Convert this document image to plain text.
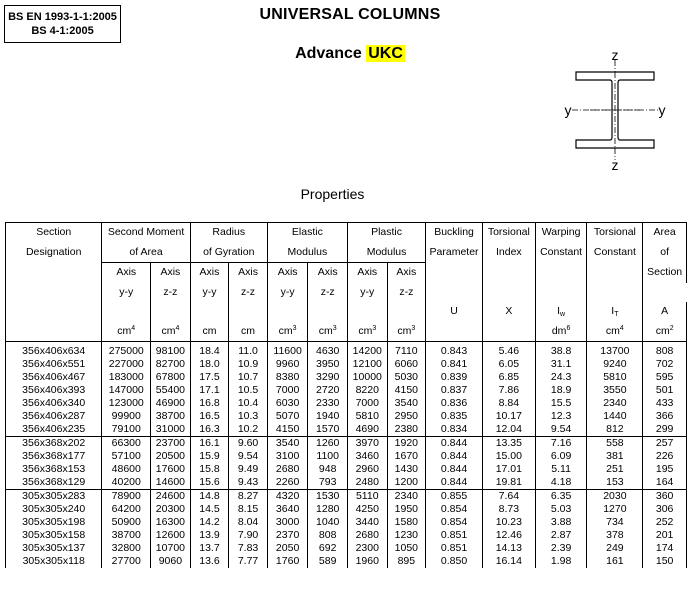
BS EN 1993-1-1:2005
BS 4-1:2005
UNIVERSAL COLUMNS
Advance UKC	z
z
y	y
Properties
Section	Second Moment		Radius		Elastic		Plastic		Buckling	Torsional	Warping	Torsional	Area
Designation	of Area		of Gyration		Modulus		Modulus		Parameter	Index	Constant	Constant	of
	Axis	Axis	Axis	Axis	Axis	Axis	Axis	Axis					Section
	y-y	z-z	y-y	z-z	y-y	z-z	y-y	z-z				
									U	X	$I_w$	$I_T$	A
	$cm^4$	$cm^4$	cm	cm	$cm^3$	$cm^3$	$cm^3$	$cm^3$			$dm^6$	$cm^4$	$cm^2$
356x406x634	275000	98100	18.4	11.0	11600	4630	14200	7110	0.843	5.46	38.8	13700	808
356x406x551	227000	82700	18.0	10.9	9960	3950	12100	6060	0.841	6.05	31.1	9240	702
356x406x467	183000	67800	17.5	10.7	8380	3290	10000	5030	0.839	6.85	24.3	5810	595
356x406x393	147000	55400	17.1	10.5	7000	2720	8220	4150	0.837	7.86	18.9	3550	501
356x406x340	123000	46900	16.8	10.4	6030	2330	7000	3540	0.836	8.84	15.5	2340	433
356x406x287	99900	38700	16.5	10.3	5070	1940	5810	2950	0.835	10.17	12.3	1440	366
356x406x235	79100	31000	16.3	10.2	4150	1570	4690	2380	0.834	12.04	9.54	812	299
356x368x202	66300	23700	16.1	9.60	3540	1260	3970	1920	0.844	13.35	7.16	558	257
356x368x177	57100	20500	15.9	9.54	3100	1100	3460	1670	0.844	15.00	6.09	381	226
356x368x153	48600	17600	15.8	9.49	2680	948	2960	1430	0.844	17.01	5.11	251	195
356x368x129	40200	14600	15.6	9.43	2260	793	2480	1200	0.844	19.81	4.18	153	164
305x305x283	78900	24600	14.8	8.27	4320	1530	5110	2340	0.855	7.64	6.35	2030	360
305x305x240	64200	20300	14.5	8.15	3640	1280	4250	1950	0.854	8.73	5.03	1270	306
305x305x198	50900	16300	14.2	8.04	3000	1040	3440	1580	0.854	10.23	3.88	734	252
305x305x158	38700	12600	13.9	7.90	2370	808	2680	1230	0.851	12.46	2.87	378	201
305x305x137	32800	10700	13.7	7.83	2050	692	2300	1050	0.851	14.13	2.39	249	174
305x305x118	27700	9060	13.6	7.77	1760	589	1960	895	0.850	16.14	1.98	161	150
